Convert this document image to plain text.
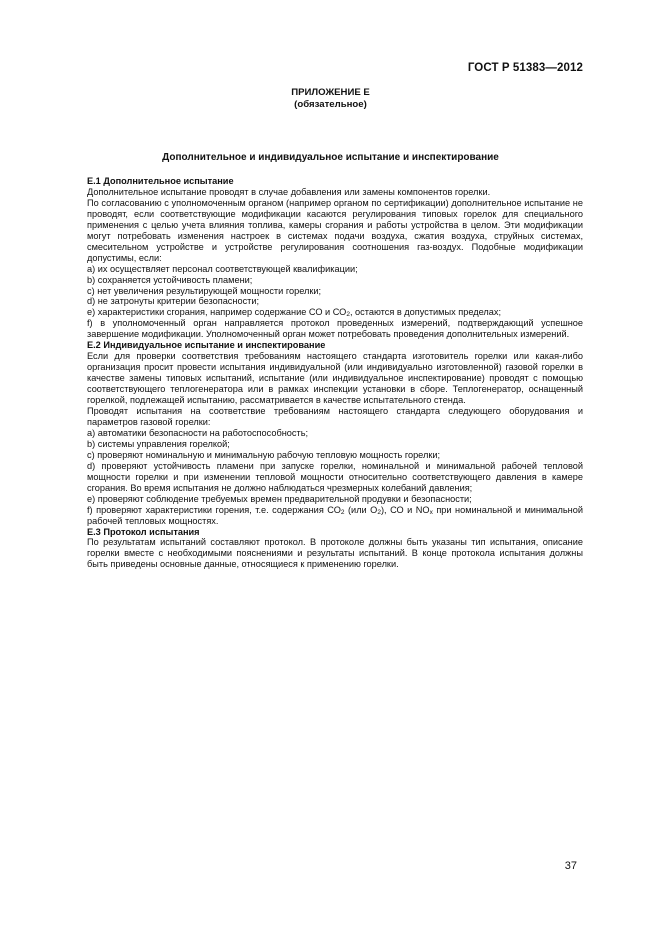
ГОСТ Р 51383—2012
ПРИЛОЖЕНИЕ Е
(обязательное)
Дополнительное и индивидуальное испытание и инспектирование

Е.1 Дополнительное испытание

Дополнительное испытание проводят в случае добавления или замены компонентов горелки.

По согласованию с уполномоченным органом (например органом по сертификации) дополнительное испытание не проводят, если соответствующие модификации касаются регулирования типовых горелок для специального применения с целью учета влияния топлива, камеры сгорания и работы устройства в целом. Эти модификации могут потребовать изменения настроек в системах подачи воздуха, сжатия воздуха, струйных системах, смесительном устройстве и устройстве регулирования соотношения газ-воздух. Подобные модификации допустимы, если:

а) их осуществляет персонал соответствующей квалификации;

b) сохраняется устойчивость пламени;

с) нет увеличения результирующей мощности горелки;

d) не затронуты критерии безопасности;

е) характеристики сгорания, например содержание СО и $СО_2$, остаются в допустимых пределах;

f) в уполномоченный орган направляется протокол проведенных измерений, подтверждающий успешное завершение модификации. Уполномоченный орган может потребовать проведения дополнительных измерений.

Е.2 Индивидуальное испытание и инспектирование

Если для проверки соответствия требованиям настоящего стандарта изготовитель горелки или какая-либо организация просит провести испытания индивидуальной (или индивидуально изготовленной) газовой горелки в качестве замены типовых испытаний, испытание (или индивидуальное инспектирование) проводят с помощью соответствующего теплогенератора или в рамках инспекции установки в сборе. Теплогенератор, оснащенный горелкой, подлежащей испытанию, рассматривается в качестве испытательного стенда.

Проводят испытания на соответствие требованиям настоящего стандарта следующего оборудования и параметров газовой горелки:

а) автоматики безопасности на работоспособность;

b) системы управления горелкой;

с) проверяют номинальную и минимальную рабочую тепловую мощность горелки;

d) проверяют устойчивость пламени при запуске горелки, номинальной и минимальной рабочей тепловой мощности горелки и при изменении тепловой мощности относительно соответствующего давления в камере сгорания. Во время испытания не должно наблюдаться чрезмерных колебаний давления;

е) проверяют соблюдение требуемых времен предварительной продувки и безопасности;

f) проверяют характеристики горения, т.е. содержания $СО_2$ (или $О_2$), СО и $NO_x$ при номинальной и минимальной рабочей тепловых мощностях.

Е.3 Протокол испытания

По результатам испытаний составляют протокол. В протоколе должны быть указаны тип испытания, описание горелки вместе с необходимыми пояснениями и результаты испытаний. В конце протокола испытания должны быть приведены основные данные, относящиеся к применению горелки.

37
